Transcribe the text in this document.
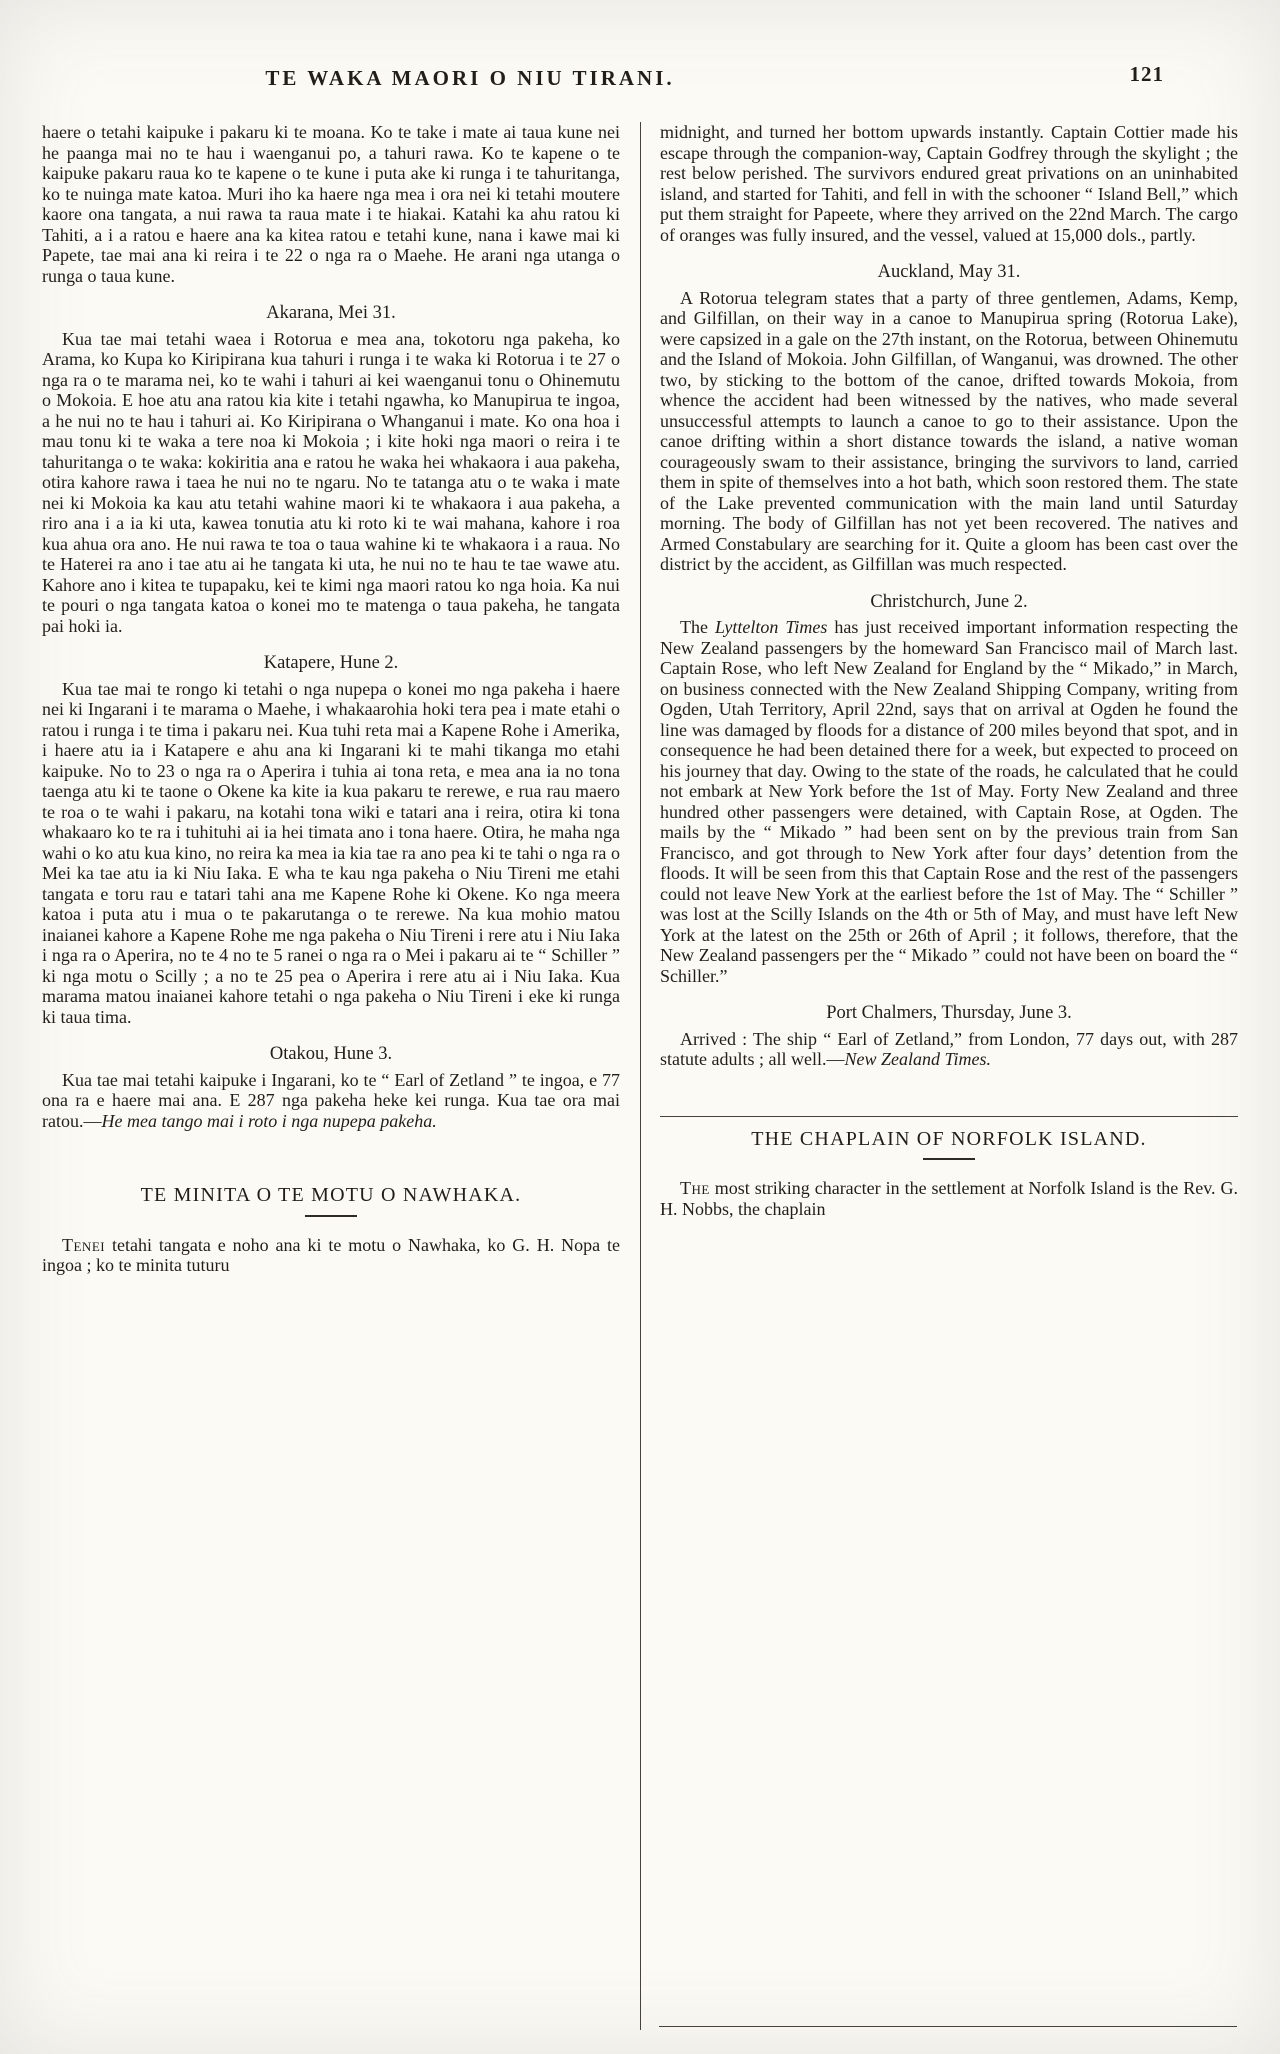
TE WAKA MAORI O NIU TIRANI.	121

haere o tetahi kaipuke i pakaru ki te moana. Ko te take i mate ai taua kune nei he paanga mai no te hau i waenganui po, a tahuri rawa. Ko te kapene o te kaipuke pakaru raua ko te kapene o te kune i puta ake ki runga i te tahuritanga, ko te nuinga mate katoa. Muri iho ka haere nga mea i ora nei ki tetahi moutere kaore ona tangata, a nui rawa ta raua mate i te hiakai. Katahi ka ahu ratou ki Tahiti, a i a ratou e haere ana ka kitea ratou e tetahi kune, nana i kawe mai ki Papete, tae mai ana ki reira i te 22 o nga ra o Maehe. He arani nga utanga o runga o taua kune.

Akarana, Mei 31.

Kua tae mai tetahi waea i Rotorua e mea ana, tokotoru nga pakeha, ko Arama, ko Kupa ko Kiripirana kua tahuri i runga i te waka ki Rotorua i te 27 o nga ra o te marama nei, ko te wahi i tahuri ai kei waenganui tonu o Ohinemutu o Mokoia. E hoe atu ana ratou kia kite i tetahi ngawha, ko Manupirua te ingoa, a he nui no te hau i tahuri ai. Ko Kiripirana o Whanganui i mate. Ko ona hoa i mau tonu ki te waka a tere noa ki Mokoia ; i kite hoki nga maori o reira i te tahuritanga o te waka: kokiritia ana e ratou he waka hei whakaora i aua pakeha, otira kahore rawa i taea he nui no te ngaru. No te tatanga atu o te waka i mate nei ki Mokoia ka kau atu tetahi wahine maori ki te whakaora i aua pakeha, a riro ana i a ia ki uta, kawea tonutia atu ki roto ki te wai mahana, kahore i roa kua ahua ora ano. He nui rawa te toa o taua wahine ki te whakaora i a raua. No te Haterei ra ano i tae atu ai he tangata ki uta, he nui no te hau te tae wawe atu. Kahore ano i kitea te tupapaku, kei te kimi nga maori ratou ko nga hoia. Ka nui te pouri o nga tangata katoa o konei mo te matenga o taua pakeha, he tangata pai hoki ia.

Katapere, Hune 2.

Kua tae mai te rongo ki tetahi o nga nupepa o konei mo nga pakeha i haere nei ki Ingarani i te marama o Maehe, i whakaarohia hoki tera pea i mate etahi o ratou i runga i te tima i pakaru nei. Kua tuhi reta mai a Kapene Rohe i Amerika, i haere atu ia i Katapere e ahu ana ki Ingarani ki te mahi tikanga mo etahi kaipuke. No to 23 o nga ra o Aperira i tuhia ai tona reta, e mea ana ia no tona taenga atu ki te taone o Okene ka kite ia kua pakaru te rerewe, e rua rau maero te roa o te wahi i pakaru, na kotahi tona wiki e tatari ana i reira, otira ki tona whakaaro ko te ra i tuhituhi ai ia hei timata ano i tona haere. Otira, he maha nga wahi o ko atu kua kino, no reira ka mea ia kia tae ra ano pea ki te tahi o nga ra o Mei ka tae atu ia ki Niu Iaka. E wha te kau nga pakeha o Niu Tireni me etahi tangata e toru rau e tatari tahi ana me Kapene Rohe ki Okene. Ko nga meera katoa i puta atu i mua o te pakarutanga o te rerewe. Na kua mohio matou inaianei kahore a Kapene Rohe me nga pakeha o Niu Tireni i rere atu i Niu Iaka i nga ra o Aperira, no te 4 no te 5 ranei o nga ra o Mei i pakaru ai te “ Schiller ” ki nga motu o Scilly ; a no te 25 pea o Aperira i rere atu ai i Niu Iaka. Kua marama matou inaianei kahore tetahi o nga pakeha o Niu Tireni i eke ki runga ki taua tima.

Otakou, Hune 3.

Kua tae mai tetahi kaipuke i Ingarani, ko te “ Earl of Zetland ” te ingoa, e 77 ona ra e haere mai ana. E 287 nga pakeha heke kei runga. Kua tae ora mai ratou.—He mea tango mai i roto i nga nupepa pakeha.

TE MINITA O TE MOTU O NAWHAKA.

Tenei tetahi tangata e noho ana ki te motu o Nawhaka, ko G. H. Nopa te ingoa ; ko te minita tuturu

midnight, and turned her bottom upwards instantly. Captain Cottier made his escape through the companion-way, Captain Godfrey through the skylight ; the rest below perished. The survivors endured great privations on an uninhabited island, and started for Tahiti, and fell in with the schooner “ Island Bell,” which put them straight for Papeete, where they arrived on the 22nd March. The cargo of oranges was fully insured, and the vessel, valued at 15,000 dols., partly.

Auckland, May 31.

A Rotorua telegram states that a party of three gentlemen, Adams, Kemp, and Gilfillan, on their way in a canoe to Manupirua spring (Rotorua Lake), were capsized in a gale on the 27th instant, on the Rotorua, between Ohinemutu and the Island of Mokoia. John Gilfillan, of Wanganui, was drowned. The other two, by sticking to the bottom of the canoe, drifted towards Mokoia, from whence the accident had been witnessed by the natives, who made several unsuccessful attempts to launch a canoe to go to their assistance. Upon the canoe drifting within a short distance towards the island, a native woman courageously swam to their assistance, bringing the survivors to land, carried them in spite of themselves into a hot bath, which soon restored them. The state of the Lake prevented communication with the main land until Saturday morning. The body of Gilfillan has not yet been recovered. The natives and Armed Constabulary are searching for it. Quite a gloom has been cast over the district by the accident, as Gilfillan was much respected.

Christchurch, June 2.

The Lyttelton Times has just received important information respecting the New Zealand passengers by the homeward San Francisco mail of March last. Captain Rose, who left New Zealand for England by the “ Mikado,” in March, on business connected with the New Zealand Shipping Company, writing from Ogden, Utah Territory, April 22nd, says that on arrival at Ogden he found the line was damaged by floods for a distance of 200 miles beyond that spot, and in consequence he had been detained there for a week, but expected to proceed on his journey that day. Owing to the state of the roads, he calculated that he could not embark at New York before the 1st of May. Forty New Zealand and three hundred other passengers were detained, with Captain Rose, at Ogden. The mails by the “ Mikado ” had been sent on by the previous train from San Francisco, and got through to New York after four days’ detention from the floods. It will be seen from this that Captain Rose and the rest of the passengers could not leave New York at the earliest before the 1st of May. The “ Schiller ” was lost at the Scilly Islands on the 4th or 5th of May, and must have left New York at the latest on the 25th or 26th of April ; it follows, therefore, that the New Zealand passengers per the “ Mikado ” could not have been on board the “ Schiller.”

Port Chalmers, Thursday, June 3.

Arrived : The ship “ Earl of Zetland,” from London, 77 days out, with 287 statute adults ; all well.—New Zealand Times.

THE CHAPLAIN OF NORFOLK ISLAND.

The most striking character in the settlement at Norfolk Island is the Rev. G. H. Nobbs, the chaplain
